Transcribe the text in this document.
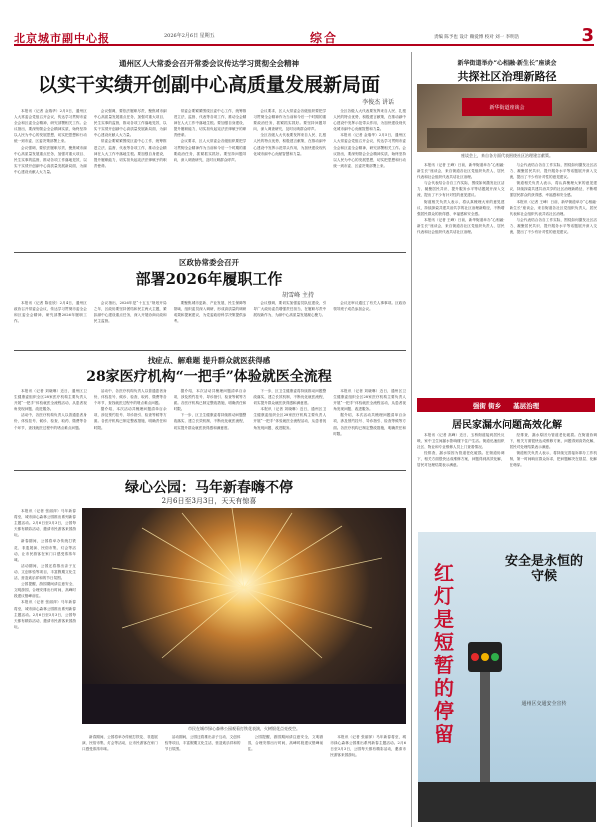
北京城市副中心报	2026年2月6日 星期五	综合	责编 陈予也 设计 赖爱博 校对 刘一 李明浩	3
通州区人大常委会召开常委会议传达学习贯彻全会精神
以实干实绩开创副中心高质量发展新局面
李俊杰 讲话

本报讯（记者 金瑞华）2月5日，通州区人大常委会党组召开会议，传达学习贯彻市委全会和区委全会精神，研究部署相关工作。会议指出，要深刻领会全会精神实质，始终坚持以人民为中心的发展思想，切实把思想和行动统一到市委、区委决策部署上来。

会议强调，要依法履职尽责，聚焦城市副中心高质量发展重点任务，加强对重大项目、民生实事的监督，推动各项工作落地见效，以实干实绩开创副中心高质量发展新局面，为副中心建设贡献人大力量。

会议强调，要依法履职尽责，聚焦城市副中心高质量发展重点任务，加强对重大项目、民生实事的监督，推动各项工作落地见效，以实干实绩开创副中心高质量发展新局面，为副中心建设贡献人大力量。

常委会要紧紧围绕区委中心工作，统筹推进立法、监督、代表等各项工作，推动全会精神在人大工作中落地生根。要加强自身建设，提升履职能力，切实担负起宪法法律赋予的职责使命。

常委会要紧紧围绕区委中心工作，统筹推进立法、监督、代表等各项工作，推动全会精神在人大工作中落地生根。要加强自身建设，提升履职能力，切实担负起宪法法律赋予的职责使命。

会议要求，区人大常委会各级组织要把学习贯彻全会精神作为当前和今后一个时期的重要政治任务，抓紧抓实抓好。要坚持问题导向，深入调查研究，及时反映群众呼声。

会议要求，区人大常委会各级组织要把学习贯彻全会精神作为当前和今后一个时期的重要政治任务，抓紧抓实抓好。要坚持问题导向，深入调查研究，及时反映群众呼声。

全区各级人大代表要发挥来自人民、扎根人民的特点优势，积极建言献策，在推动副中心建设中发挥示范带头作用，为加快建设现代化城市副中心贡献智慧和力量。

全区各级人大代表要发挥来自人民、扎根人民的特点优势，积极建言献策，在推动副中心建设中发挥示范带头作用，为加快建设现代化城市副中心贡献智慧和力量。

本报讯（记者 金瑞华）2月5日，通州区人大常委会党组召开会议，传达学习贯彻市委全会和区委全会精神，研究部署相关工作。会议指出，要深刻领会全会精神实质，始终坚持以人民为中心的发展思想，切实把思想和行动统一到市委、区委决策部署上来。

新华街道举办“心相融·新生长”座谈会
共探社区治理新路径
新华街道座谈会
座谈会上，来自各方面代表围绕社区治理建言献策。

本报讯（记者 王峰）日前，新华街道举办“心相融·新生长”座谈会，来自街道各社区党组织负责人、居民代表和社会组织代表共话社区治理。

与会代表结合各自工作实际，围绕如何激发社区活力、凝聚居民共识、提升服务水平等话题展开深入交流，提出了不少有针对性的意见建议。

街道相关负责人表示，将认真梳理大家的意见建议，持续探索共建共治共享的社区治理新路径，不断增强居民群众的获得感、幸福感和安全感。

本报讯（记者 王峰）日前，新华街道举办“心相融·新生长”座谈会，来自街道各社区党组织负责人、居民代表和社会组织代表共话社区治理。

与会代表结合各自工作实际，围绕如何激发社区活力、凝聚居民共识、提升服务水平等话题展开深入交流，提出了不少有针对性的意见建议。

街道相关负责人表示，将认真梳理大家的意见建议，持续探索共建共治共享的社区治理新路径，不断增强居民群众的获得感、幸福感和安全感。

本报讯（记者 王峰）日前，新华街道举办“心相融·新生长”座谈会，来自街道各社区党组织负责人、居民代表和社会组织代表共话社区治理。

与会代表结合各自工作实际，围绕如何激发社区活力、凝聚居民共识、提升服务水平等话题展开深入交流，提出了不少有针对性的意见建议。

区政协常委会召开
部署2026年履职工作
胡雪峰 主持

本报讯（记者 陈佳欣）2月4日，通州区政协召开常委会会议，传达学习贯彻市委全会和区委全会精神，研究部署2026年履职工作。

会议指出，2026年是“十五五”规划开局之年，区政协要坚持团结和民主两大主题，紧扣副中心建设重点任务，深入开展协商议政和民主监督。

要聚焦城市更新、产业发展、民生保障等领域，组织委员深入调研，形成高质量的调研成果和提案建议，为党委政府科学决策提供参考。

会议强调，要切实加强委员队伍建设，引导广大政协委员增强责任担当，在履职尽责中展现新作为，为副中心高质量发展凝心聚力。

会议还审议通过了有关人事事项。区政协领导班子成员参加会议。

找症点、解难题 提升群众就医获得感
28家医疗机构“一把手”体验就医全流程

本报讯（记者 刘晓琳）近日，通州区卫生健康委组织全区28家医疗机构主要负责人开展“一把手”体验就医全流程活动，从患者视角发现问题、改进服务。

活动中，各医疗机构负责人以普通患者身份，体验挂号、候诊、检查、取药、缴费等各个环节，查找就医过程中的堵点难点问题。

活动中，各医疗机构负责人以普通患者身份，体验挂号、候诊、检查、取药、缴费等各个环节，查找就医过程中的堵点难点问题。

据介绍，本次活动共梳理问题清单百余项，涉及预约挂号、导诊指引、检查等候等方面。各医疗机构已制定整改措施，明确责任和时限。

据介绍，本次活动共梳理问题清单百余项，涉及预约挂号、导诊指引、检查等候等方面。各医疗机构已制定整改措施，明确责任和时限。

下一步，区卫生健康委将持续推动问题整改落实，建立长效机制，不断优化就医流程，切实提升群众就医获得感和满意度。

下一步，区卫生健康委将持续推动问题整改落实，建立长效机制，不断优化就医流程，切实提升群众就医获得感和满意度。

本报讯（记者 刘晓琳）近日，通州区卫生健康委组织全区28家医疗机构主要负责人开展“一把手”体验就医全流程活动，从患者视角发现问题、改进服务。

本报讯（记者 刘晓琳）近日，通州区卫生健康委组织全区28家医疗机构主要负责人开展“一把手”体验就医全流程活动，从患者视角发现问题、改进服务。

据介绍，本次活动共梳理问题清单百余项，涉及预约挂号、导诊指引、检查等候等方面。各医疗机构已制定整改措施，明确责任和时限。

绿心公园：马年新春嗨不停
2月6日至3月3日，天天有惊喜

本报讯（记者 张丽萍）马年新春将至，城市绿心森林公园推出系列新春主题活动。2月6日至3月3日，公园每天都有精彩活动，邀请市民游客来园游玩。

新春期间，公园将举办传统打铁花、非遗展演、民俗市集、灯会等活动，让市民游客在家门口感受浓浓年味。

活动期间，公园还将推出亲子互动、文创体验等项目，丰富假期文化生活，营造欢乐祥和的节日氛围。

公园提醒，游园期间请注意安全，文明游园，合理安排出行时间，高峰时段建议错峰前往。

本报讯（记者 张丽萍）马年新春将至，城市绿心森林公园推出系列新春主题活动。2月6日至3月3日，公园每天都有精彩活动，邀请市民游客来园游玩。

市民在城市绿心森林公园观看打铁花表演，火树银花点亮夜空。

新春期间，公园将举办传统打铁花、非遗展演、民俗市集、灯会等活动，让市民游客在家门口感受浓浓年味。

活动期间，公园还将推出亲子互动、文创体验等项目，丰富假期文化生活，营造欢乐祥和的节日氛围。

公园提醒，游园期间请注意安全，文明游园，合理安排出行时间，高峰时段建议错峰前往。

本报讯（记者 张丽萍）马年新春将至，城市绿心森林公园推出系列新春主题活动。2月6日至3月3日，公园每天都有精彩活动，邀请市民游客来园游玩。

强街 街乡 基层治理
居民家漏水问题高效化解

本报讯（记者 高峰）近日，玉桥街道接到居民反映，家中卫生间漏水影响楼下住户生活。街道迅速组织社区、物业和专业维修人员上门查看情况。

经排查，漏水原因为管道老化破损。在街道协调下，相关方面很快达成维修方案，问题得到高效化解，居民对处理结果表示满意。

经排查，漏水原因为管道老化破损。在街道协调下，相关方面很快达成维修方案，问题得到高效化解，居民对处理结果表示满意。

街道相关负责人表示，将持续完善接诉即办工作机制，第一时间响应群众诉求，把问题解决在基层、化解在萌芽。

红灯是短暂的停留
安全是永恒的守候
通州区交通安全宣传
